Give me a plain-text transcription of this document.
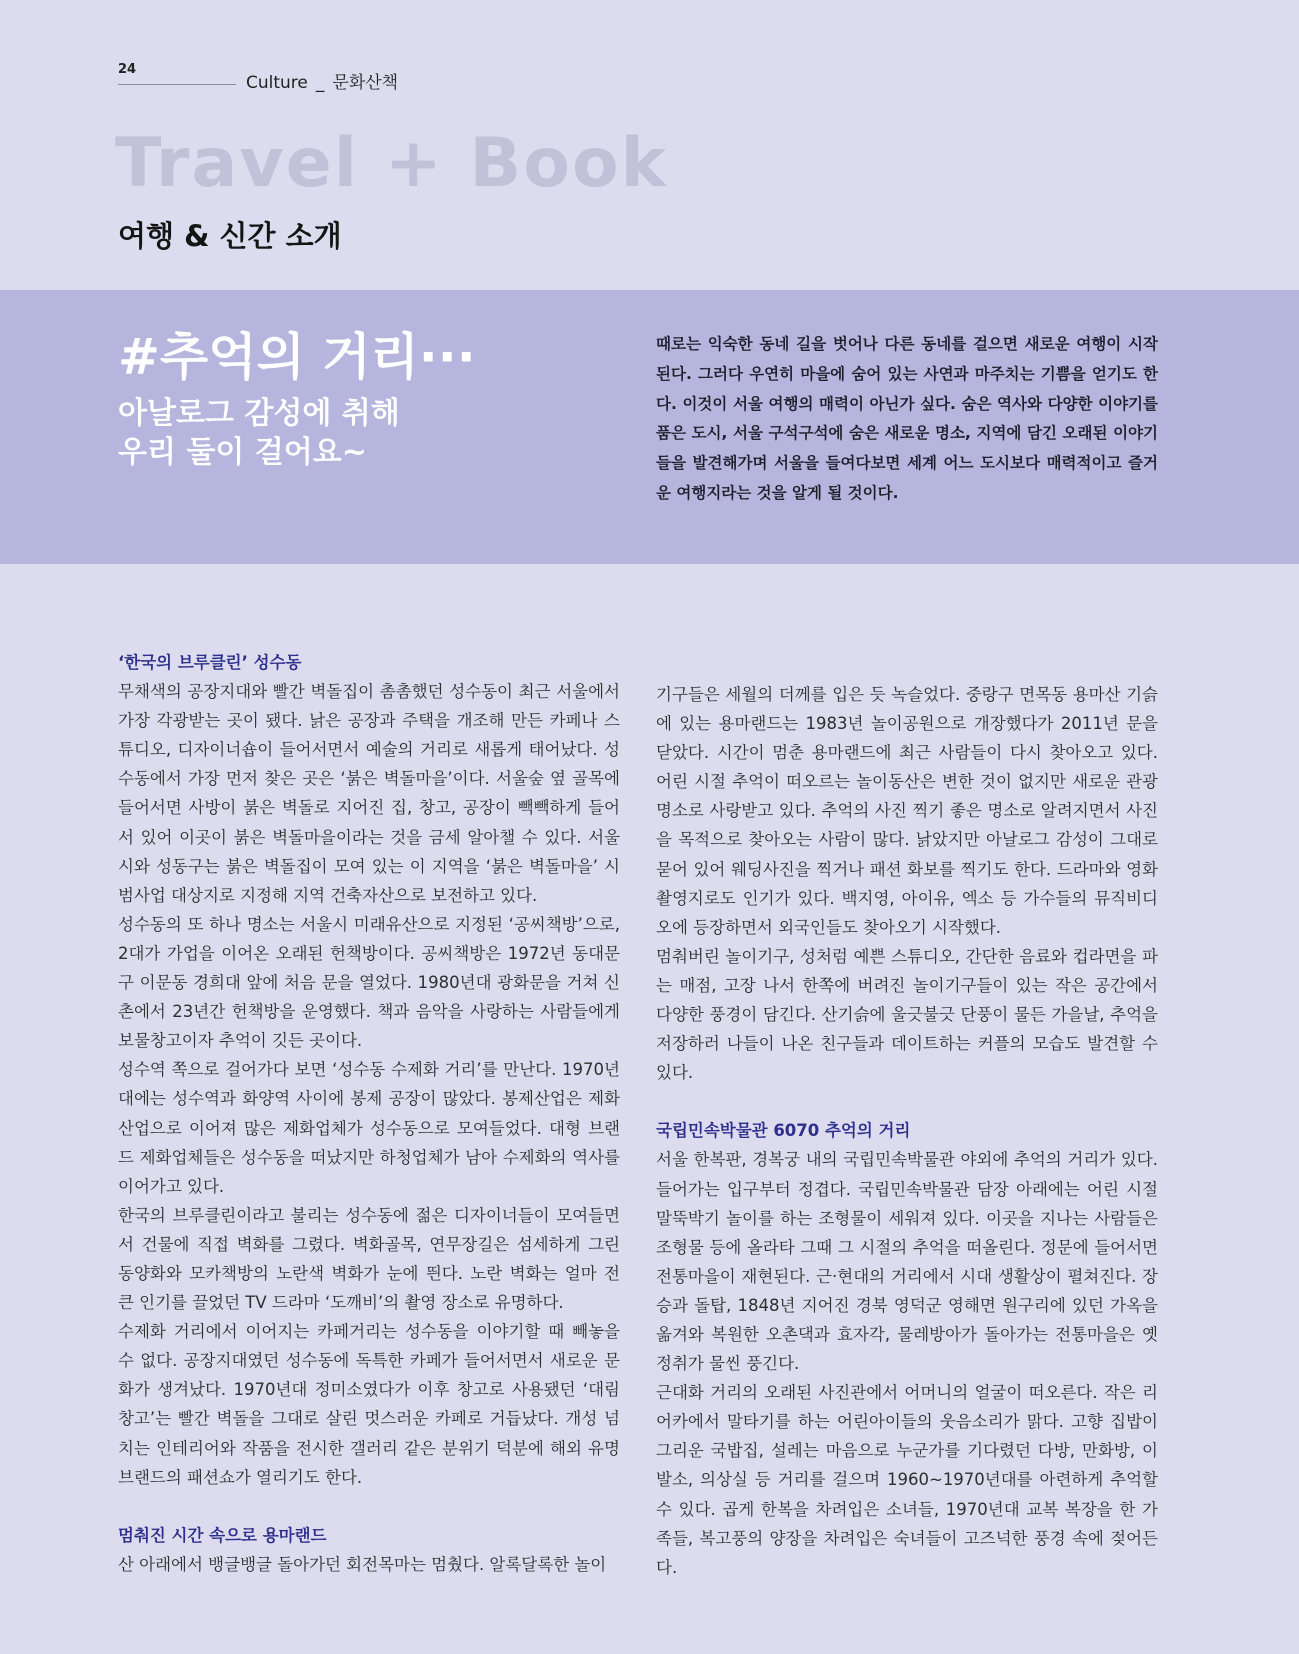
24
Culture _ 문화산책
Travel + Book
여행 & 신간 소개
#추억의 거리···
아날로그 감성에 취해
우리 둘이 걸어요~
때로는 익숙한 동네 길을 벗어나 다른 동네를 걸으면 새로운 여행이 시작된다. 그러다 우연히 마을에 숨어 있는 사연과 마주치는 기쁨을 얻기도 한다. 이것이 서울 여행의 매력이 아닌가 싶다. 숨은 역사와 다양한 이야기를 품은 도시, 서울 구석구석에 숨은 새로운 명소, 지역에 담긴 오래된 이야기들을 발견해가며 서울을 들여다보면 세계 어느 도시보다 매력적이고 즐거운 여행지라는 것을 알게 될 것이다.
‘한국의 브루클린’ 성수동

무채색의 공장지대와 빨간 벽돌집이 촘촘했던 성수동이 최근 서울에서 가장 각광받는 곳이 됐다. 낡은 공장과 주택을 개조해 만든 카페나 스튜디오, 디자이너숍이 들어서면서 예술의 거리로 새롭게 태어났다. 성수동에서 가장 먼저 찾은 곳은 ‘붉은 벽돌마을’이다. 서울숲 옆 골목에 들어서면 사방이 붉은 벽돌로 지어진 집, 창고, 공장이 빽빽하게 들어서 있어 이곳이 붉은 벽돌마을이라는 것을 금세 알아챌 수 있다. 서울시와 성동구는 붉은 벽돌집이 모여 있는 이 지역을 ‘붉은 벽돌마을’ 시범사업 대상지로 지정해 지역 건축자산으로 보전하고 있다.

성수동의 또 하나 명소는 서울시 미래유산으로 지정된 ‘공씨책방’으로, 2대가 가업을 이어온 오래된 헌책방이다. 공씨책방은 1972년 동대문구 이문동 경희대 앞에 처음 문을 열었다. 1980년대 광화문을 거쳐 신촌에서 23년간 헌책방을 운영했다. 책과 음악을 사랑하는 사람들에게 보물창고이자 추억이 깃든 곳이다.

성수역 쪽으로 걸어가다 보면 ‘성수동 수제화 거리’를 만난다. 1970년대에는 성수역과 화양역 사이에 봉제 공장이 많았다. 봉제산업은 제화산업으로 이어져 많은 제화업체가 성수동으로 모여들었다. 대형 브랜드 제화업체들은 성수동을 떠났지만 하청업체가 남아 수제화의 역사를 이어가고 있다.

한국의 브루클린이라고 불리는 성수동에 젊은 디자이너들이 모여들면서 건물에 직접 벽화를 그렸다. 벽화골목, 연무장길은 섬세하게 그린 동양화와 모카책방의 노란색 벽화가 눈에 띈다. 노란 벽화는 얼마 전 큰 인기를 끌었던 TV 드라마 ‘도깨비’의 촬영 장소로 유명하다.

수제화 거리에서 이어지는 카페거리는 성수동을 이야기할 때 빼놓을 수 없다. 공장지대였던 성수동에 독특한 카페가 들어서면서 새로운 문화가 생겨났다. 1970년대 정미소였다가 이후 창고로 사용됐던 ‘대림창고’는 빨간 벽돌을 그대로 살린 멋스러운 카페로 거듭났다. 개성 넘치는 인테리어와 작품을 전시한 갤러리 같은 분위기 덕분에 해외 유명 브랜드의 패션쇼가 열리기도 한다.

멈춰진 시간 속으로 용마랜드

산 아래에서 뱅글뱅글 돌아가던 회전목마는 멈췄다. 알록달록한 놀이

기구들은 세월의 더께를 입은 듯 녹슬었다. 중랑구 면목동 용마산 기슭에 있는 용마랜드는 1983년 놀이공원으로 개장했다가 2011년 문을 닫았다. 시간이 멈춘 용마랜드에 최근 사람들이 다시 찾아오고 있다. 어린 시절 추억이 떠오르는 놀이동산은 변한 것이 없지만 새로운 관광명소로 사랑받고 있다. 추억의 사진 찍기 좋은 명소로 알려지면서 사진을 목적으로 찾아오는 사람이 많다. 낡았지만 아날로그 감성이 그대로 묻어 있어 웨딩사진을 찍거나 패션 화보를 찍기도 한다. 드라마와 영화 촬영지로도 인기가 있다. 백지영, 아이유, 엑소 등 가수들의 뮤직비디오에 등장하면서 외국인들도 찾아오기 시작했다.

멈춰버린 놀이기구, 성처럼 예쁜 스튜디오, 간단한 음료와 컵라면을 파는 매점, 고장 나서 한쪽에 버려진 놀이기구들이 있는 작은 공간에서 다양한 풍경이 담긴다. 산기슭에 울긋불긋 단풍이 물든 가을날, 추억을 저장하러 나들이 나온 친구들과 데이트하는 커플의 모습도 발견할 수 있다.

국립민속박물관 6070 추억의 거리

서울 한복판, 경복궁 내의 국립민속박물관 야외에 추억의 거리가 있다. 들어가는 입구부터 정겹다. 국립민속박물관 담장 아래에는 어린 시절 말뚝박기 놀이를 하는 조형물이 세워져 있다. 이곳을 지나는 사람들은 조형물 등에 올라타 그때 그 시절의 추억을 떠올린다. 정문에 들어서면 전통마을이 재현된다. 근·현대의 거리에서 시대 생활상이 펼쳐진다. 장승과 돌탑, 1848년 지어진 경북 영덕군 영해면 원구리에 있던 가옥을 옮겨와 복원한 오촌댁과 효자각, 물레방아가 돌아가는 전통마을은 옛 정취가 물씬 풍긴다.

근대화 거리의 오래된 사진관에서 어머니의 얼굴이 떠오른다. 작은 리어카에서 말타기를 하는 어린아이들의 웃음소리가 맑다. 고향 집밥이 그리운 국밥집, 설레는 마음으로 누군가를 기다렸던 다방, 만화방, 이발소, 의상실 등 거리를 걸으며 1960~1970년대를 아련하게 추억할 수 있다. 곱게 한복을 차려입은 소녀들, 1970년대 교복 복장을 한 가족들, 복고풍의 양장을 차려입은 숙녀들이 고즈넉한 풍경 속에 젖어든다.
